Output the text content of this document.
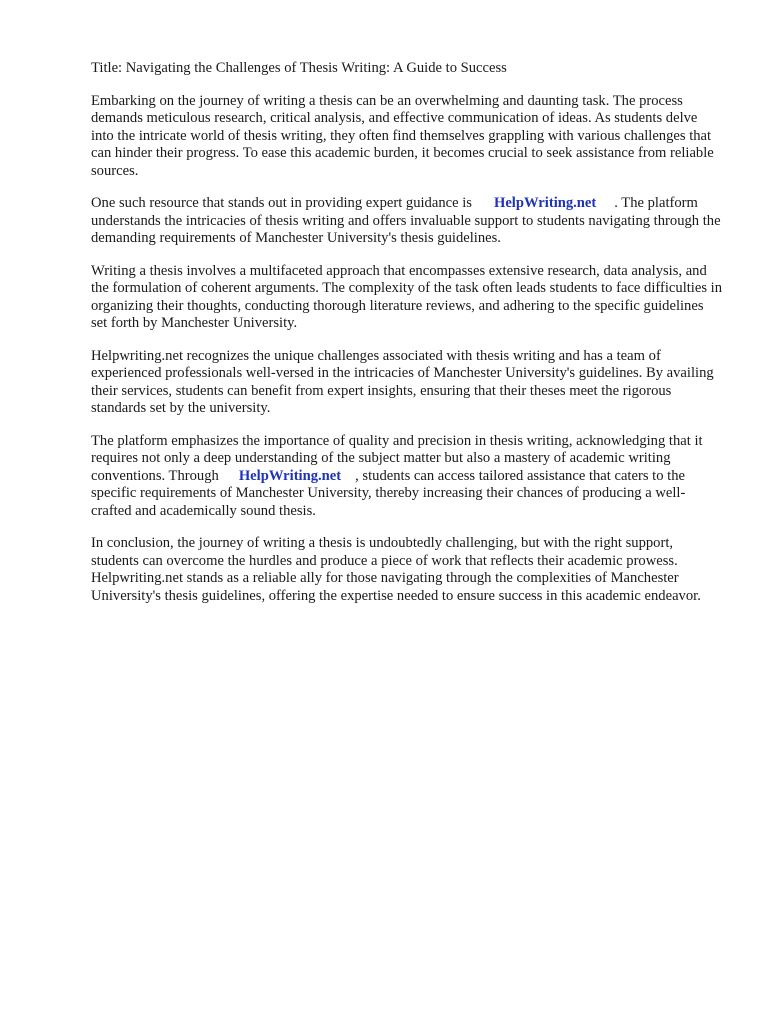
Title: Navigating the Challenges of Thesis Writing: A Guide to Success

Embarking on the journey of writing a thesis can be an overwhelming and daunting task. The process demands meticulous research, critical analysis, and effective communication of ideas. As students delve into the intricate world of thesis writing, they often find themselves grappling with various challenges that can hinder their progress. To ease this academic burden, it becomes crucial to seek assistance from reliable sources.

One such resource that stands out in providing expert guidance is HelpWriting.net . The platform understands the intricacies of thesis writing and offers invaluable support to students navigating through the demanding requirements of Manchester University's thesis guidelines.

Writing a thesis involves a multifaceted approach that encompasses extensive research, data analysis, and the formulation of coherent arguments. The complexity of the task often leads students to face difficulties in organizing their thoughts, conducting thorough literature reviews, and adhering to the specific guidelines set forth by Manchester University.

Helpwriting.net recognizes the unique challenges associated with thesis writing and has a team of experienced professionals well-versed in the intricacies of Manchester University's guidelines. By availing their services, students can benefit from expert insights, ensuring that their theses meet the rigorous standards set by the university.

The platform emphasizes the importance of quality and precision in thesis writing, acknowledging that it requires not only a deep understanding of the subject matter but also a mastery of academic writing conventions. Through HelpWriting.net , students can access tailored assistance that caters to the specific requirements of Manchester University, thereby increasing their chances of producing a well-crafted and academically sound thesis.

In conclusion, the journey of writing a thesis is undoubtedly challenging, but with the right support, students can overcome the hurdles and produce a piece of work that reflects their academic prowess. Helpwriting.net stands as a reliable ally for those navigating through the complexities of Manchester University's thesis guidelines, offering the expertise needed to ensure success in this academic endeavor.
